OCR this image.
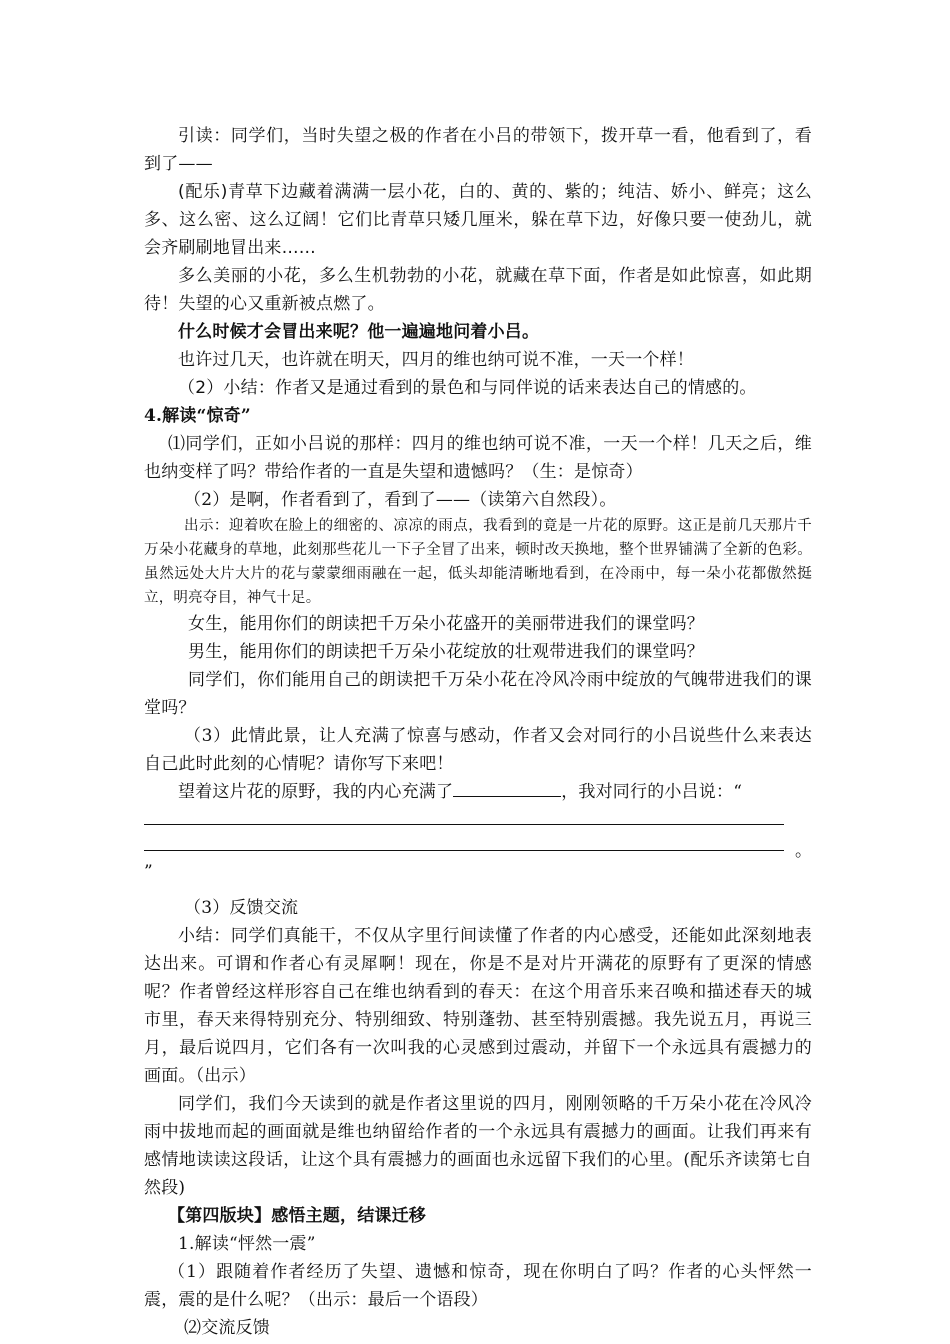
引读：同学们，当时失望之极的作者在小吕的带领下，拨开草一看，他看到了，看到了——

(配乐)青草下边藏着满满一层小花，白的、黄的、紫的；纯洁、娇小、鲜亮；这么多、这么密、这么辽阔！它们比青草只矮几厘米，躲在草下边，好像只要一使劲儿，就会齐刷刷地冒出来……

多么美丽的小花，多么生机勃勃的小花，就藏在草下面，作者是如此惊喜，如此期待！失望的心又重新被点燃了。

什么时候才会冒出来呢？他一遍遍地问着小吕。

也许过几天，也许就在明天，四月的维也纳可说不准，一天一个样！

（2）小结：作者又是通过看到的景色和与同伴说的话来表达自己的情感的。

4.解读“惊奇”

⑴同学们，正如小吕说的那样：四月的维也纳可说不准，一天一个样！几天之后，维也纳变样了吗？带给作者的一直是失望和遗憾吗？（生：是惊奇）

（2）是啊，作者看到了，看到了——（读第六自然段）。

出示：迎着吹在脸上的细密的、凉凉的雨点，我看到的竟是一片花的原野。这正是前几天那片千万朵小花藏身的草地，此刻那些花儿一下子全冒了出来，顿时改天换地，整个世界铺满了全新的色彩。虽然远处大片大片的花与蒙蒙细雨融在一起，低头却能清晰地看到，在冷雨中，每一朵小花都傲然挺立，明亮夺目，神气十足。

女生，能用你们的朗读把千万朵小花盛开的美丽带进我们的课堂吗？

男生，能用你们的朗读把千万朵小花绽放的壮观带进我们的课堂吗？

同学们，你们能用自己的朗读把千万朵小花在冷风冷雨中绽放的气魄带进我们的课堂吗？

（3）此情此景，让人充满了惊喜与感动，作者又会对同行的小吕说些什么来表达自己此时此刻的心情呢？请你写下来吧！

望着这片花的原野，我的内心充满了	，我对同行的小吕说：“

。

”

（3）反馈交流

小结：同学们真能干，不仅从字里行间读懂了作者的内心感受，还能如此深刻地表达出来。可谓和作者心有灵犀啊！现在，你是不是对片开满花的原野有了更深的情感呢？作者曾经这样形容自己在维也纳看到的春天：在这个用音乐来召唤和描述春天的城市里，春天来得特别充分、特别细致、特别蓬勃、甚至特别震撼。我先说五月，再说三月，最后说四月，它们各有一次叫我的心灵感到过震动，并留下一个永远具有震撼力的画面。（出示）

同学们，我们今天读到的就是作者这里说的四月，刚刚领略的千万朵小花在冷风冷雨中拔地而起的画面就是维也纳留给作者的一个永远具有震撼力的画面。让我们再来有感情地读读这段话，让这个具有震撼力的画面也永远留下我们的心里。(配乐齐读第七自然段)

【第四版块】感悟主题，结课迁移

1.解读“怦然一震”

（1）跟随着作者经历了失望、遗憾和惊奇，现在你明白了吗？作者的心头怦然一震，震的是什么呢？（出示：最后一个语段）

⑵交流反馈
